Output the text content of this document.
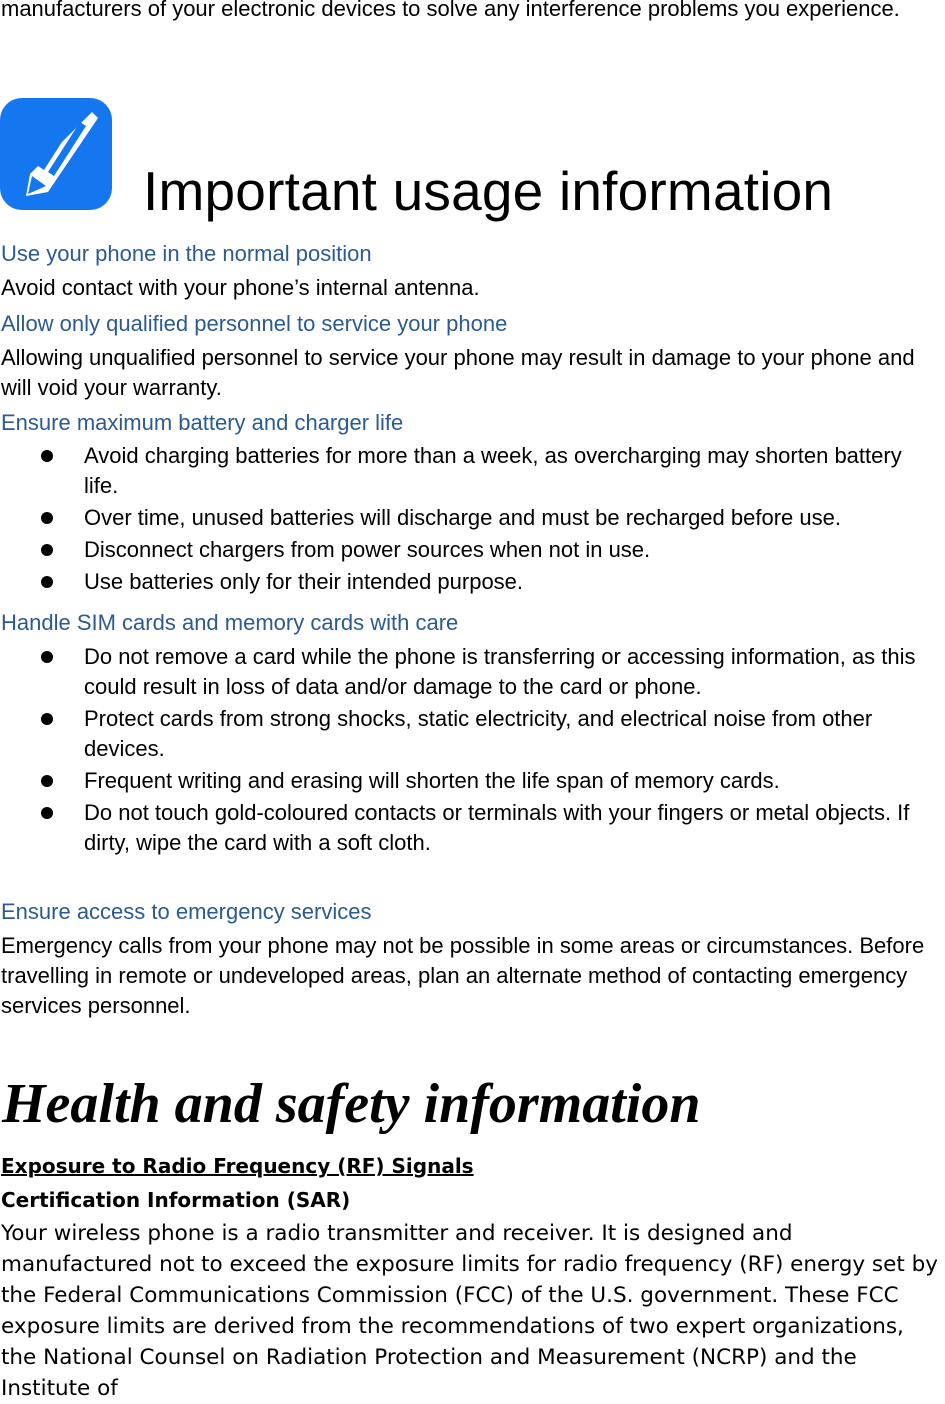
manufacturers of your electronic devices to solve any interference problems you experience.

Important usage information

Use your phone in the normal position

Avoid contact with your phone’s internal antenna.

Allow only qualified personnel to service your phone

Allowing unqualified personnel to service your phone may result in damage to your phone and will void your warranty.

Ensure maximum battery and charger life

Avoid charging batteries for more than a week, as overcharging may shorten battery life.
Over time, unused batteries will discharge and must be recharged before use.
Disconnect chargers from power sources when not in use.
Use batteries only for their intended purpose.

Handle SIM cards and memory cards with care

Do not remove a card while the phone is transferring or accessing information, as this could result in loss of data and/or damage to the card or phone.
Protect cards from strong shocks, static electricity, and electrical noise from other devices.
Frequent writing and erasing will shorten the life span of memory cards.
Do not touch gold-coloured contacts or terminals with your fingers or metal objects. If dirty, wipe the card with a soft cloth.

Ensure access to emergency services

Emergency calls from your phone may not be possible in some areas or circumstances. Before travelling in remote or undeveloped areas, plan an alternate method of contacting emergency services personnel.

Health and safety information

Exposure to Radio Frequency (RF) Signals

Certification Information (SAR)

Your wireless phone is a radio transmitter and receiver. It is designed and manufactured not to exceed the exposure limits for radio frequency (RF) energy set by the Federal Communications Commission (FCC) of the U.S. government. These FCC exposure limits are derived from the recommendations of two expert organizations, the National Counsel on Radiation Protection and Measurement (NCRP) and the Institute of
